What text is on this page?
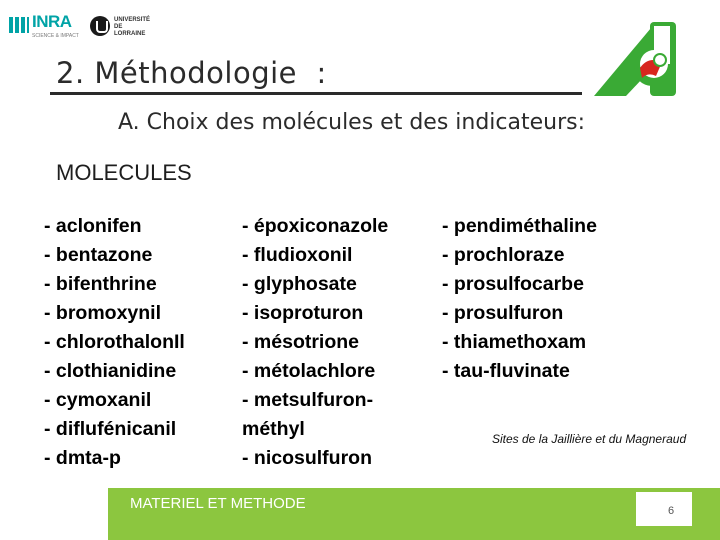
INRA
SCIENCE & IMPACT
UNIVERSITÉ
DE LORRAINE
2. Méthodologie  :
A. Choix des molécules et des indicateurs:
MOLECULES
- aclonifen
- bentazone
- bifenthrine
- bromoxynil
- chlorothalonIl
- clothianidine
- cymoxanil
- diflufénicanil
- dmta-p
- époxiconazole
- fludioxonil
- glyphosate
- isoproturon
- mésotrione
- métolachlore
- metsulfuron-
méthyl
- nicosulfuron
- pendiméthaline
- prochloraze
- prosulfocarbe
- prosulfuron
- thiamethoxam
- tau-fluvinate
Sites de la Jaillière et du Magneraud
MATERIEL ET METHODE	6
